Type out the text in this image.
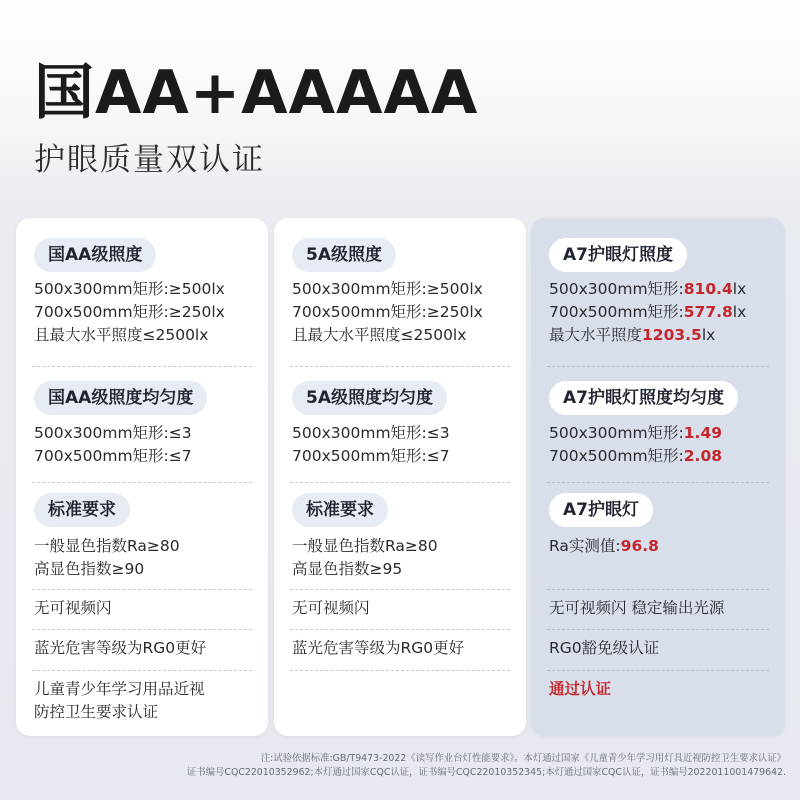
国AA+AAAAA
护眼质量双认证
国AA级照度
500x300mm矩形:≥500lx
700x500mm矩形:≥250lx
且最大水平照度≤2500lx
国AA级照度均匀度
500x300mm矩形:≤3
700x500mm矩形:≤7
标准要求
一般显色指数Ra≥80
高显色指数≥90
无可视频闪
蓝光危害等级为RG0更好
儿童青少年学习用品近视
防控卫生要求认证
5A级照度
500x300mm矩形:≥500lx
700x500mm矩形:≥250lx
且最大水平照度≤2500lx
5A级照度均匀度
500x300mm矩形:≤3
700x500mm矩形:≤7
标准要求
一般显色指数Ra≥80
高显色指数≥95
无可视频闪
蓝光危害等级为RG0更好
A7护眼灯照度
500x300mm矩形:810.4lx
700x500mm矩形:577.8lx
最大水平照度1203.5lx
A7护眼灯照度均匀度
500x300mm矩形:1.49
700x500mm矩形:2.08
A7护眼灯
Ra实测值:96.8
无可视频闪 稳定输出光源
RG0豁免级认证
通过认证
注:试验依据标准:GB/T9473-2022《读写作业台灯性能要求》。本灯通过国家《儿童青少年学习用灯具近视防控卫生要求认证》
证书编号CQC22010352962;本灯通过国家CQC认证，证书编号CQC22010352345;本灯通过国家CQC认证，证书编号2022011001479642.
